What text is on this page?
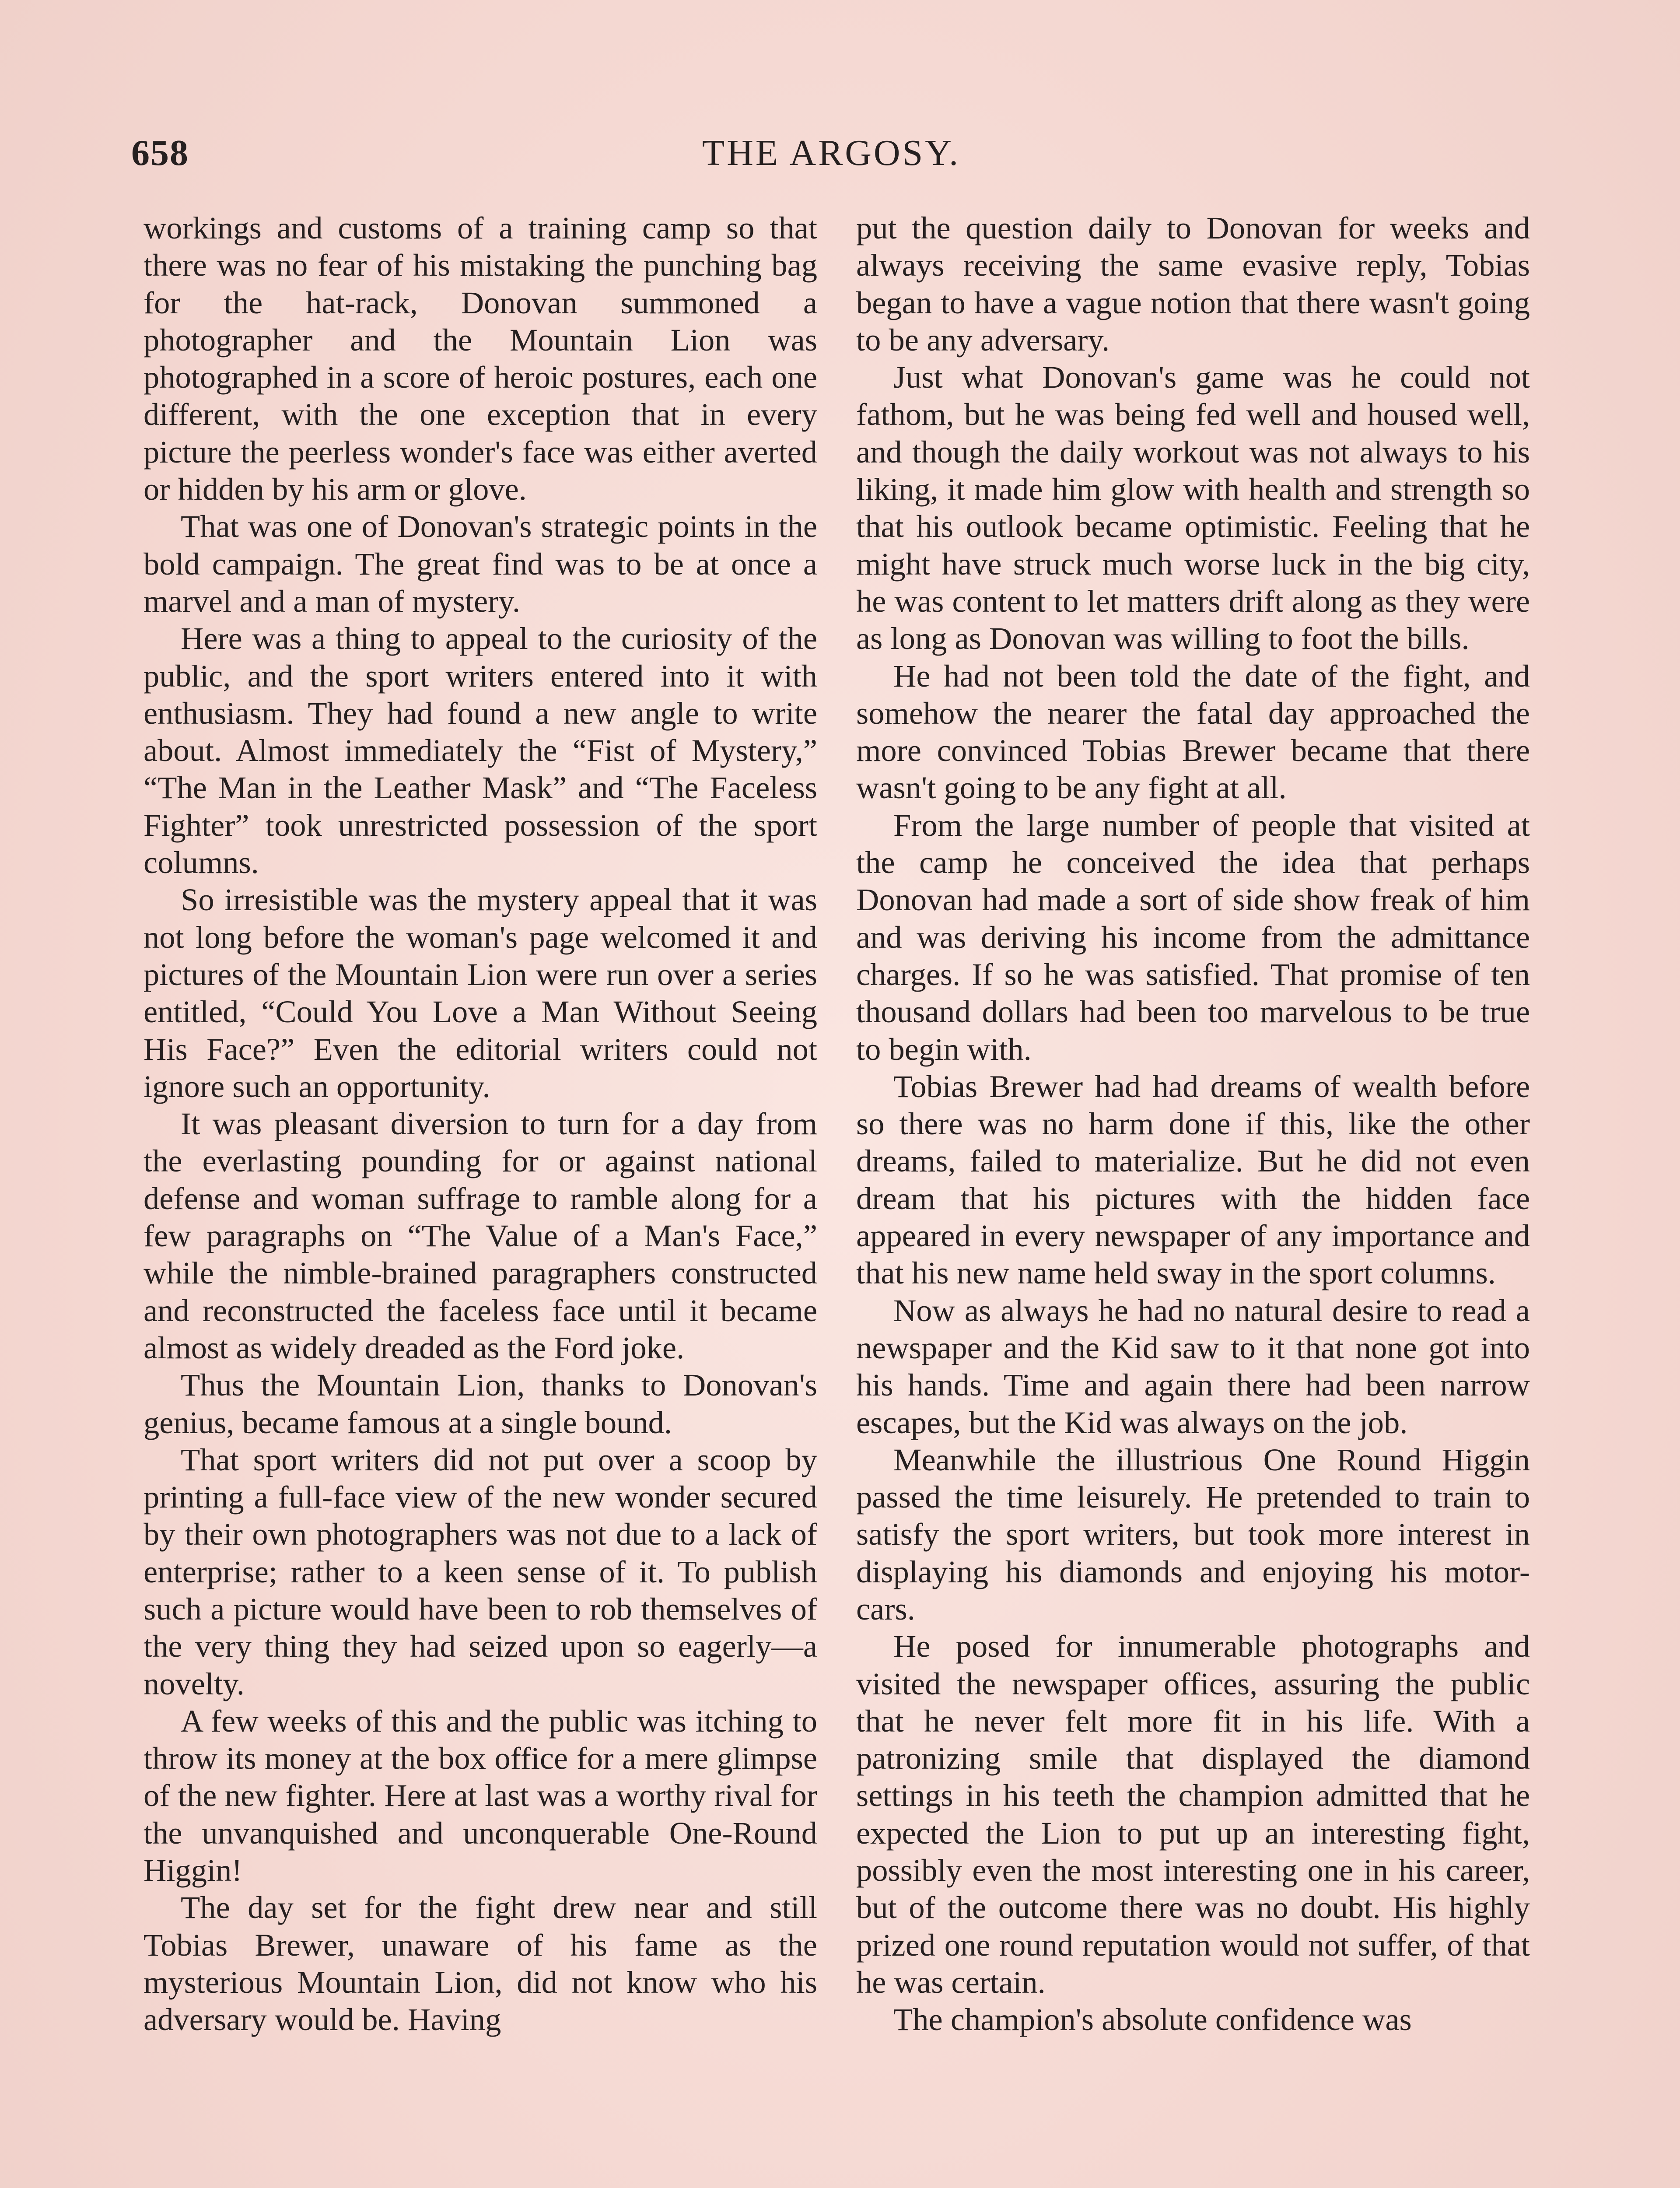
658	THE ARGOSY.

workings and customs of a training camp so that there was no fear of his mistaking the punching bag for the hat-rack, Donovan summoned a photographer and the Mountain Lion was photographed in a score of heroic postures, each one different, with the one exception that in every picture the peerless wonder's face was either averted or hidden by his arm or glove.

That was one of Donovan's strategic points in the bold campaign. The great find was to be at once a marvel and a man of mystery.

Here was a thing to appeal to the curiosity of the public, and the sport writers entered into it with enthusiasm. They had found a new angle to write about. Almost immediately the “Fist of Mystery,” “The Man in the Leather Mask” and “The Faceless Fighter” took unrestricted possession of the sport columns.

So irresistible was the mystery appeal that it was not long before the woman's page welcomed it and pictures of the Mountain Lion were run over a series entitled, “Could You Love a Man Without Seeing His Face?” Even the editorial writers could not ignore such an opportunity.

It was pleasant diversion to turn for a day from the everlasting pounding for or against national defense and woman suffrage to ramble along for a few paragraphs on “The Value of a Man's Face,” while the nimble-brained paragraphers constructed and reconstructed the faceless face until it became almost as widely dreaded as the Ford joke.

Thus the Mountain Lion, thanks to Donovan's genius, became famous at a single bound.

That sport writers did not put over a scoop by printing a full-face view of the new wonder secured by their own photographers was not due to a lack of enterprise; rather to a keen sense of it. To publish such a picture would have been to rob themselves of the very thing they had seized upon so eagerly—a novelty.

A few weeks of this and the public was itching to throw its money at the box office for a mere glimpse of the new fighter. Here at last was a worthy rival for the unvanquished and unconquerable One-Round Higgin!

The day set for the fight drew near and still Tobias Brewer, unaware of his fame as the mysterious Mountain Lion, did not know who his adversary would be. Having

put the question daily to Donovan for weeks and always receiving the same evasive reply, Tobias began to have a vague notion that there wasn't going to be any adversary.

Just what Donovan's game was he could not fathom, but he was being fed well and housed well, and though the daily workout was not always to his liking, it made him glow with health and strength so that his outlook became optimistic. Feeling that he might have struck much worse luck in the big city, he was content to let matters drift along as they were as long as Donovan was willing to foot the bills.

He had not been told the date of the fight, and somehow the nearer the fatal day approached the more convinced Tobias Brewer became that there wasn't going to be any fight at all.

From the large number of people that visited at the camp he conceived the idea that perhaps Donovan had made a sort of side show freak of him and was deriving his income from the admittance charges. If so he was satisfied. That promise of ten thousand dollars had been too marvelous to be true to begin with.

Tobias Brewer had had dreams of wealth before so there was no harm done if this, like the other dreams, failed to materialize. But he did not even dream that his pictures with the hidden face appeared in every newspaper of any importance and that his new name held sway in the sport columns.

Now as always he had no natural desire to read a newspaper and the Kid saw to it that none got into his hands. Time and again there had been narrow escapes, but the Kid was always on the job.

Meanwhile the illustrious One Round Higgin passed the time leisurely. He pretended to train to satisfy the sport writers, but took more interest in displaying his diamonds and enjoying his motor-cars.

He posed for innumerable photographs and visited the newspaper offices, assuring the public that he never felt more fit in his life. With a patronizing smile that displayed the diamond settings in his teeth the champion admitted that he expected the Lion to put up an interesting fight, possibly even the most interesting one in his career, but of the outcome there was no doubt. His highly prized one round reputation would not suffer, of that he was certain.

The champion's absolute confidence was
